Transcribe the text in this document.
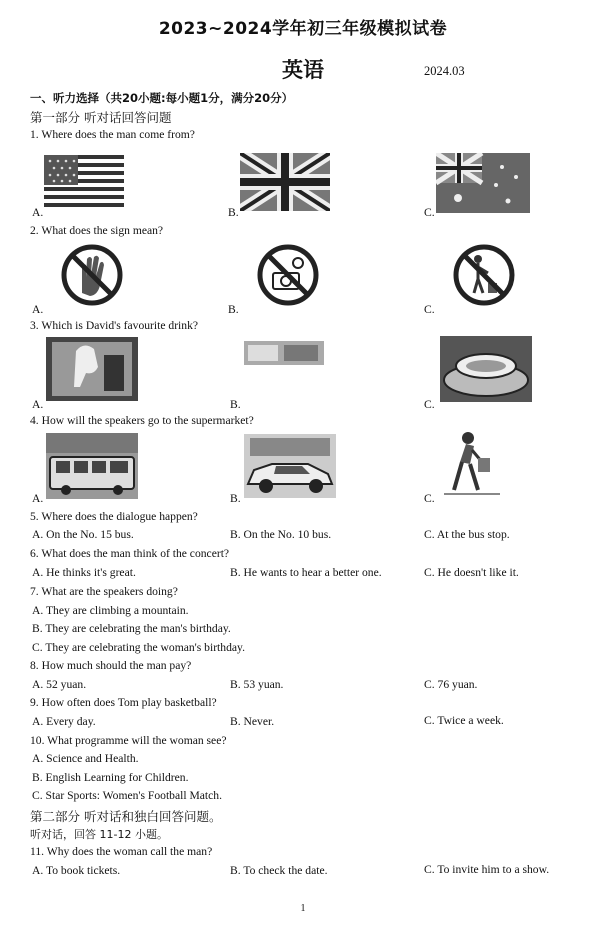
2023~2024学年初三年级模拟试卷
英语	2024.03
一、听力选择（共20小题:每小题1分，满分20分）
第一部分 听对话回答问题
1. Where does the man come from?
A.	B.	C.
2. What does the sign mean?
A.	B.	C.
3. Which is David's favourite drink?
A.	B.	C.
4. How will the speakers go to the supermarket?
A.	B.	C.
5. Where does the dialogue happen?
A. On the No. 15 bus.	B. On the No. 10 bus.	C. At the bus stop.
6. What does the man think of the concert?
A. He thinks it's great.	B. He wants to hear a better one.	C. He doesn't like it.
7. What are the speakers doing?
A. They are climbing a mountain.
B. They are celebrating the man's birthday.
C. They are celebrating the woman's birthday.
8. How much should the man pay?
A. 52 yuan.	B. 53 yuan.	C. 76 yuan.
9. How often does Tom play basketball?
A. Every day.	B. Never.	C. Twice a week.
10. What programme will the woman see?
A. Science and Health.
B. English Learning for Children.
C. Star Sports: Women's Football Match.
第二部分 听对话和独白回答问题。
听对话，回答 11-12 小题。
11. Why does the woman call the man?
A. To book tickets.	B. To check the date.	C. To invite him to a show.
1
